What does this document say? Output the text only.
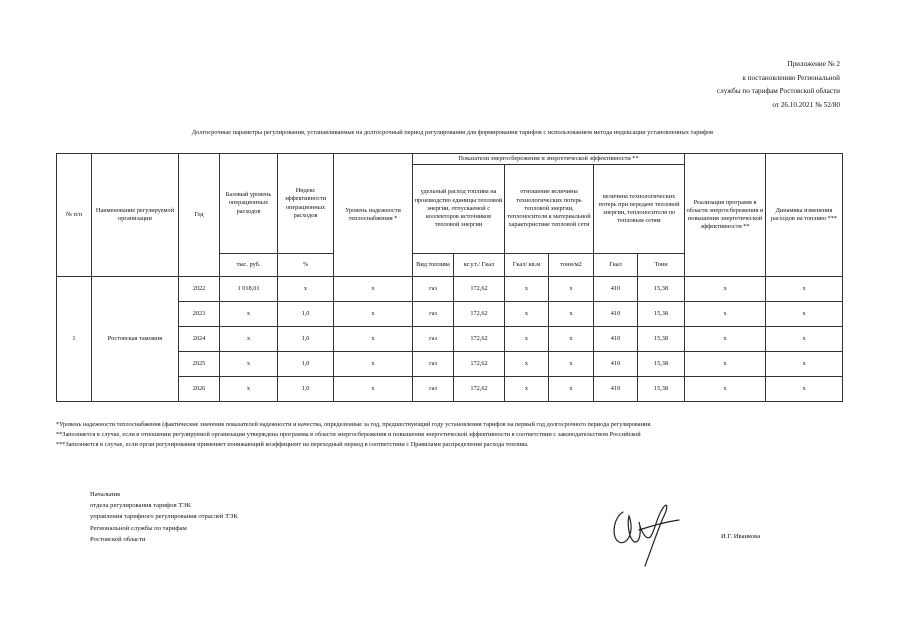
Приложение № 2
к постановлению Региональной
службы по тарифам Ростовской области
от 26.10.2021 № 52/80
Долгосрочные параметры регулирования, устанавливаемые на долгосрочный период регулирования для формирования тарифов с использованием метода индексации установленных тарифов
№ п/п	Наименование регулируемой организации	Год	Базовый уровень операционных расходов	Индекс эффективности операционных расходов	Уровень надежности теплоснабжения *	Показатели энергосбережения и энергетической эффективности **						Реализация программ в области энергосбережения и повышения энергетической эффективности **	Динамика изменения расходов на топливо ***
						удельный расход топлива на производство единицы тепловой энергии, отпускаемой с коллекторов источников тепловой энергии		отношение величины технологических потерь тепловой энергии, теплоносителя к материальной характеристике тепловой сети		величина технологических потерь при передаче тепловой энергии, теплоносителя по тепловым сетям			
			тыс. руб.	%		Вид топлива	кг.у.т./ Гкал	Гкал/ кв.м	тонн/м2	Гкал	Тонн		
1	Ростовская таможня	2022	1 018,01	х	х	газ	172,62	х	х	410	15,38	х	х
		2023	х	1,0	х	газ	172,62	х	х	410	15,38	х	х
		2024	х	1,0	х	газ	172,62	х	х	410	15,38	х	х
		2025	х	1,0	х	газ	172,62	х	х	410	15,38	х	х
		2026	х	1,0	х	газ	172,62	х	х	410	15,38	х	х
*Уровень надежности теплоснабжения (фактические значения показателей надежности и качества, определенные за год, предшествующий году установления тарифов на первый год долгосрочного периода регулирования.
**Заполняется в случае, если в отношении регулируемой организации утверждена программа в области энергосбережения и повышения энергетической эффективности в соответствии с законодательством Российской
***Заполняется в случае, если орган регулирования применяет понижающий коэффициент на переходный период в соответствии с Правилами распределения расхода топлива.
Начальник
отдела регулирования тарифов ТЭК
управления тарифного регулирования отраслей ТЭК
Региональной службы по тарифам
Ростовской области	И.Г. Иванкова
